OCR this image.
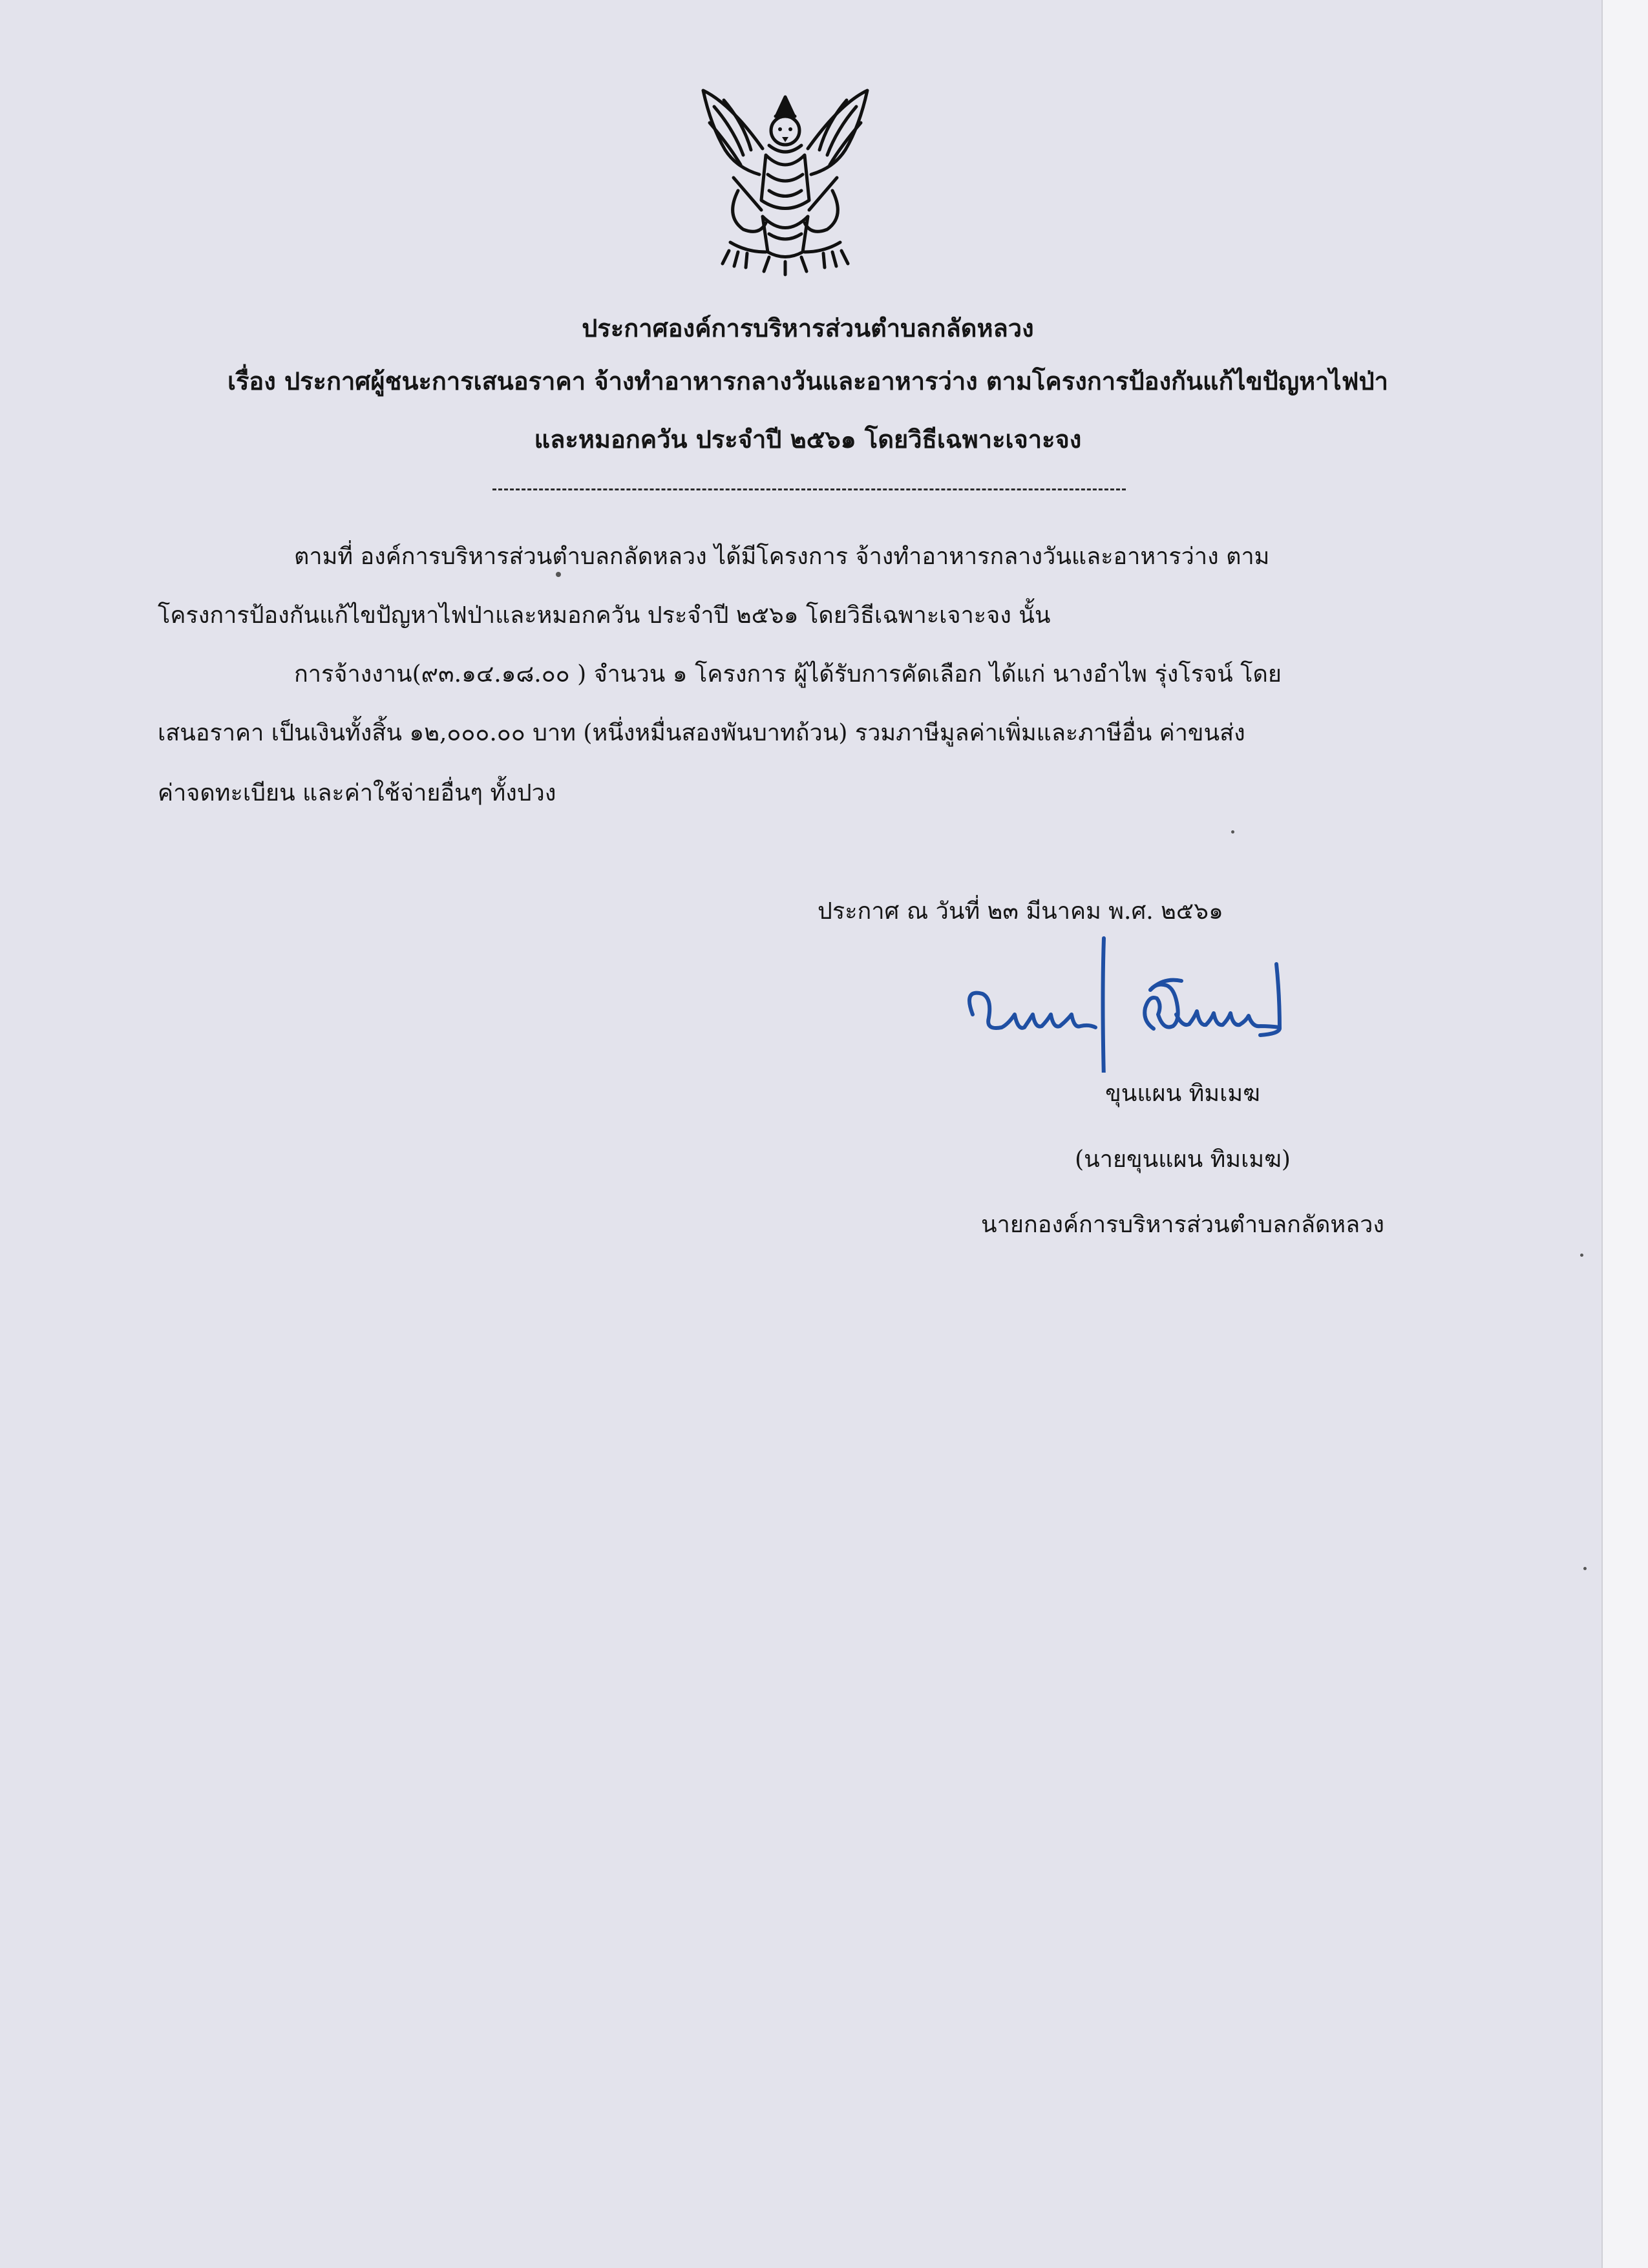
ประกาศองค์การบริหารส่วนตำบลกลัดหลวง
เรื่อง ประกาศผู้ชนะการเสนอราคา จ้างทำอาหารกลางวันและอาหารว่าง ตามโครงการป้องกันแก้ไขปัญหาไฟป่า
และหมอกควัน ประจำปี ๒๕๖๑ โดยวิธีเฉพาะเจาะจง
ตามที่ องค์การบริหารส่วนตำบลกลัดหลวง ได้มีโครงการ จ้างทำอาหารกลางวันและอาหารว่าง ตาม
โครงการป้องกันแก้ไขปัญหาไฟป่าและหมอกควัน ประจำปี ๒๕๖๑ โดยวิธีเฉพาะเจาะจง นั้น
การจ้างงาน(๙๓.๑๔.๑๘.๐๐ ) จำนวน ๑ โครงการ ผู้ได้รับการคัดเลือก ได้แก่ นางอำไพ รุ่งโรจน์ โดย
เสนอราคา เป็นเงินทั้งสิ้น ๑๒,๐๐๐.๐๐ บาท (หนึ่งหมื่นสองพันบาทถ้วน) รวมภาษีมูลค่าเพิ่มและภาษีอื่น ค่าขนส่ง
ค่าจดทะเบียน และค่าใช้จ่ายอื่นๆ ทั้งปวง
ประกาศ ณ วันที่ ๒๓ มีนาคม พ.ศ. ๒๕๖๑
ขุนแผน ทิมเมฆ
(นายขุนแผน ทิมเมฆ)
นายกองค์การบริหารส่วนตำบลกลัดหลวง
